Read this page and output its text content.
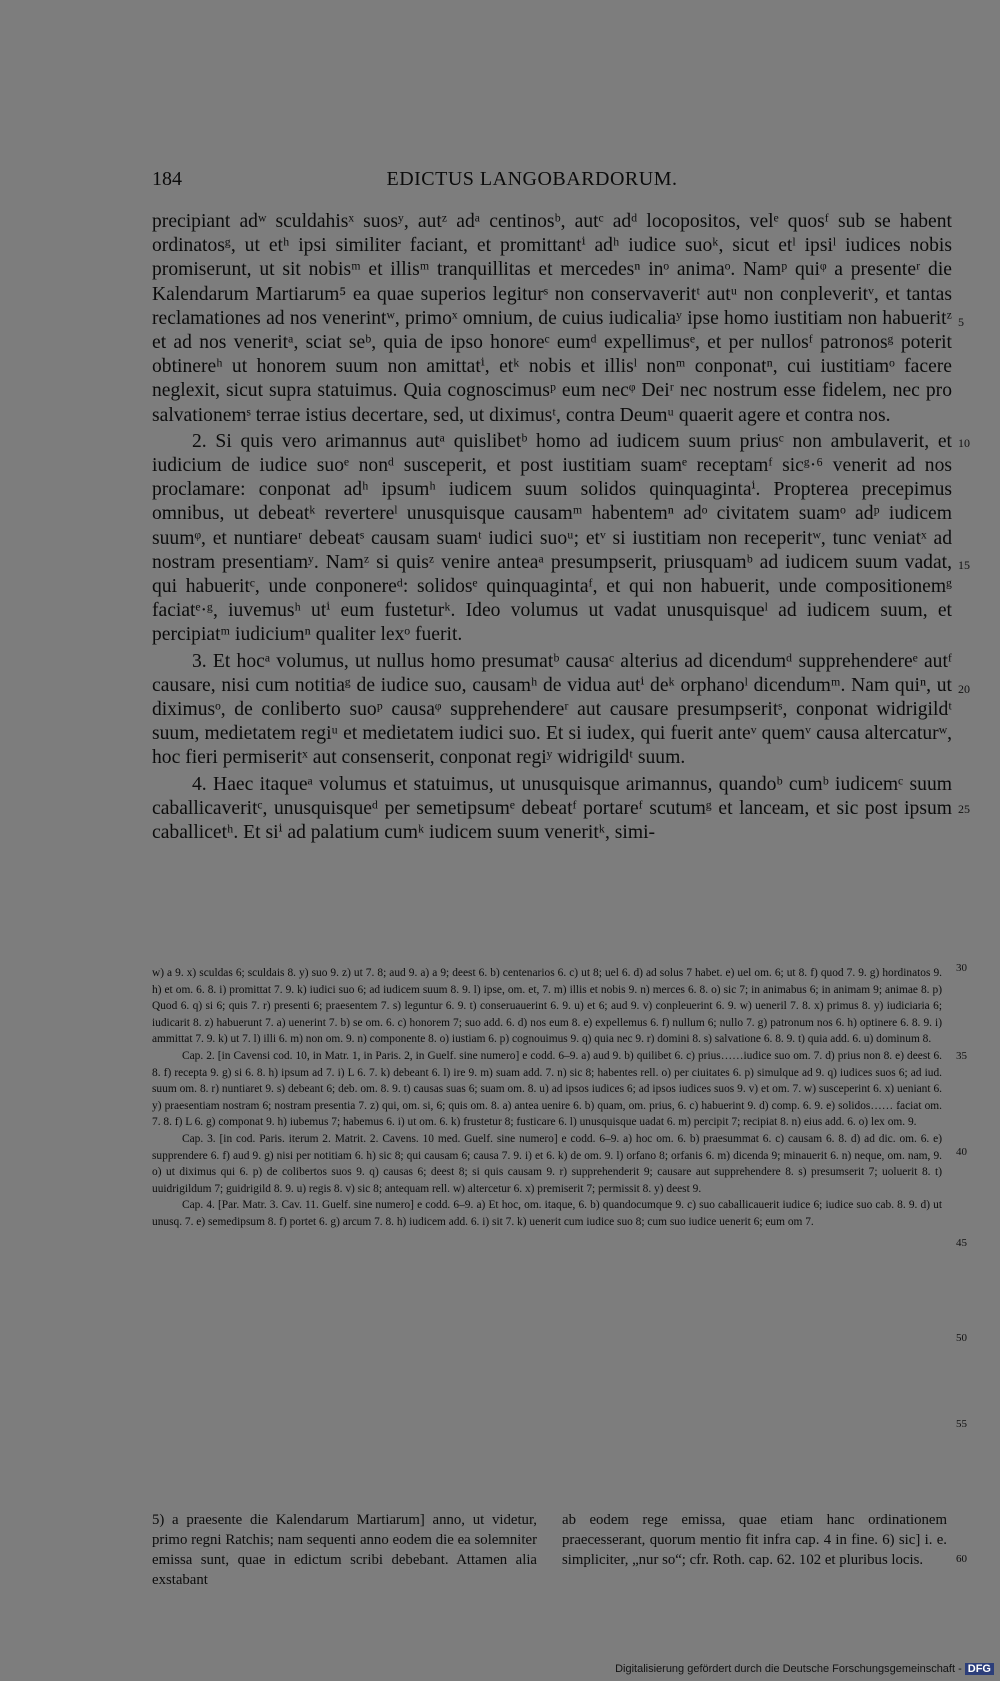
184	EDICTUS LANGOBARDORUM.

precipiant adʷ sculdahisˣ suosʸ, autᶻ adᵃ centinosᵇ, autᶜ adᵈ locopositos, velᵉ quosᶠ sub se habent ordinatosᵍ, ut etʰ ipsi similiter faciant, et promittantⁱ adʰ iudice suoᵏ, sicut etˡ ipsiˡ iudices nobis promiserunt, ut sit nobisᵐ et illisᵐ tranquillitas et mercedesⁿ inᵒ animaᵒ. Namᵖ quiᵠ a presenteʳ die Kalendarum Martiarum⁵ ea quae superios legiturˢ non conservaveritᵗ autᵘ non conpleveritᵛ, et tantas reclamationes ad nos venerintʷ, primoˣ omnium, de cuius iudicaliaʸ ipse homo iustitiam non habueritᶻ et ad nos veneritᵃ, sciat seᵇ, quia de ipso honoreᶜ eumᵈ expellimusᵉ, et per nullosᶠ patronosᵍ poterit obtinereʰ ut honorem suum non amittatⁱ, etᵏ nobis et illisˡ nonᵐ conponatⁿ, cui iustitiamᵒ facere neglexit, sicut supra statuimus. Quia cognoscimusᵖ eum necᵠ Deiʳ nec nostrum esse fidelem, nec pro salvationemˢ terrae istius decertare, sed, ut diximusᵗ, contra Deumᵘ quaerit agere et contra nos.

2. Si quis vero arimannus autᵃ quislibetᵇ homo ad iudicem suum priusᶜ non ambulaverit, et iudicium de iudice suoᵉ nonᵈ susceperit, et post iustitiam suamᵉ receptamᶠ sicᵍ·⁶ venerit ad nos proclamare: conponat adʰ ipsumʰ iudicem suum solidos quinquagintaⁱ. Propterea precepimus omnibus, ut debeatᵏ revertereˡ unusquisque causamᵐ habentemⁿ adᵒ civitatem suamᵒ adᵖ iudicem suumᵠ, et nuntiareʳ debeatˢ causam suamᵗ iudici suoᵘ; etᵛ si iustitiam non receperitʷ, tunc veniatˣ ad nostram presentiamʸ. Namᶻ si quisᶻ venire anteaᵃ presumpserit, priusquamᵇ ad iudicem suum vadat, qui habueritᶜ, unde conponereᵈ: solidosᵉ quinquagintaᶠ, et qui non habuerit, unde compositionemᵍ faciatᵉ·ᵍ, iuvemusʰ utⁱ eum fusteturᵏ. Ideo volumus ut vadat unusquisqueˡ ad iudicem suum, et percipiatᵐ iudiciumⁿ qualiter lexᵒ fuerit.

3. Et hocᵃ volumus, ut nullus homo presumatᵇ causaᶜ alterius ad dicendumᵈ supprehendereᵉ autᶠ causare, nisi cum notitiaᵍ de iudice suo, causamʰ de vidua autⁱ deᵏ orphanoˡ dicendumᵐ. Nam quiⁿ, ut diximusᵒ, de conliberto suoᵖ causaᵠ supprehendereʳ aut causare presumpseritˢ, conponat widrigildᵗ suum, medietatem regiᵘ et medietatem iudici suo. Et si iudex, qui fuerit anteᵛ quemᵛ causa altercaturʷ, hoc fieri permiseritˣ aut consenserit, conponat regiʸ widrigildᵗ suum.

4. Haec itaqueᵃ volumus et statuimus, ut unusquisque arimannus, quandoᵇ cumᵇ iudicemᶜ suum caballicaveritᶜ, unusquisqueᵈ per semetipsumᵉ debeatᶠ portareᶠ scutumᵍ et lanceam, et sic post ipsum caballicetʰ. Et siⁱ ad palatium cumᵏ iudicem suum veneritᵏ, simi-

5
10
15
20
25

w) a 9. x) sculdas 6; sculdais 8. y) suo 9. z) ut 7. 8; aud 9. a) a 9; deest 6. b) centenarios 6. c) ut 8; uel 6. d) ad solus 7 habet. e) uel om. 6; ut 8. f) quod 7. 9. g) hordinatos 9. h) et om. 6. 8. i) promittat 7. 9. k) iudici suo 6; ad iudicem suum 8. 9. l) ipse, om. et, 7. m) illis et nobis 9. n) merces 6. 8. o) sic 7; in animabus 6; in animam 9; animae 8. p) Quod 6. q) si 6; quis 7. r) presenti 6; praesentem 7. s) leguntur 6. 9. t) conseruauerint 6. 9. u) et 6; aud 9. v) conpleuerint 6. 9. w) ueneril 7. 8. x) primus 8. y) iudiciaria 6; iudicarit 8. z) habuerunt 7. a) uenerint 7. b) se om. 6. c) honorem 7; suo add. 6. d) nos eum 8. e) expellemus 6. f) nullum 6; nullo 7. g) patronum nos 6. h) optinere 6. 8. 9. i) ammittat 7. 9. k) ut 7. l) illi 6. m) non om. 9. n) componente 8. o) iustiam 6. p) cognouimus 9. q) quia nec 9. r) domini 8. s) salvatione 6. 8. 9. t) quia add. 6. u) dominum 8.

Cap. 2. [in Cavensi cod. 10, in Matr. 1, in Paris. 2, in Guelf. sine numero] e codd. 6–9. a) aud 9. b) quilibet 6. c) prius……iudice suo om. 7. d) prius non 8. e) deest 6. 8. f) recepta 9. g) si 6. 8. h) ipsum ad 7. i) L 6. 7. k) debeant 6. l) ire 9. m) suam add. 7. n) sic 8; habentes rell. o) per ciuitates 6. p) simulque ad 9. q) iudices suos 6; ad iud. suum om. 8. r) nuntiaret 9. s) debeant 6; deb. om. 8. 9. t) causas suas 6; suam om. 8. u) ad ipsos iudices 6; ad ipsos iudices suos 9. v) et om. 7. w) susceperint 6. x) ueniant 6. y) praesentiam nostram 6; nostram presentia 7. z) qui, om. si, 6; quis om. 8. a) antea uenire 6. b) quam, om. prius, 6. c) habuerint 9. d) comp. 6. 9. e) solidos…… faciat om. 7. 8. f) L 6. g) componat 9. h) iubemus 7; habemus 6. i) ut om. 6. k) frustetur 8; fusticare 6. l) unusquisque uadat 6. m) percipit 7; recipiat 8. n) eius add. 6. o) lex om. 9.

Cap. 3. [in cod. Paris. iterum 2. Matrit. 2. Cavens. 10 med. Guelf. sine numero] e codd. 6–9. a) hoc om. 6. b) praesummat 6. c) causam 6. 8. d) ad dic. om. 6. e) supprendere 6. f) aud 9. g) nisi per notitiam 6. h) sic 8; qui causam 6; causa 7. 9. i) et 6. k) de om. 9. l) orfano 8; orfanis 6. m) dicenda 9; minauerit 6. n) neque, om. nam, 9. o) ut diximus qui 6. p) de colibertos suos 9. q) causas 6; deest 8; si quis causam 9. r) supprehenderit 9; causare aut supprehendere 8. s) presumserit 7; uoluerit 8. t) uuidrigildum 7; guidrigild 8. 9. u) regis 8. v) sic 8; antequam rell. w) altercetur 6. x) premiserit 7; permissit 8. y) deest 9.

Cap. 4. [Par. Matr. 3. Cav. 11. Guelf. sine numero] e codd. 6–9. a) Et hoc, om. itaque, 6. b) quandocumque 9. c) suo caballicauerit iudice 6; iudice suo cab. 8. 9. d) ut unusq. 7. e) semedipsum 8. f) portet 6. g) arcum 7. 8. h) iudicem add. 6. i) sit 7. k) uenerit cum iudice suo 8; cum suo iudice uenerit 6; eum om 7.

30
35
40
45
50
55
5) a praesente die Kalendarum Martiarum] anno, ut videtur, primo regni Ratchis; nam sequenti anno eodem die ea solemniter emissa sunt, quae in edictum scribi debebant. Attamen alia exstabant
ab eodem rege emissa, quae etiam hanc ordinationem praecesserant, quorum mentio fit infra cap. 4 in fine. 6) sic] i. e. simpliciter, „nur so“; cfr. Roth. cap. 62. 102 et pluribus locis.	60
Digitalisierung gefördert durch die Deutsche Forschungsgemeinschaft - DFG
